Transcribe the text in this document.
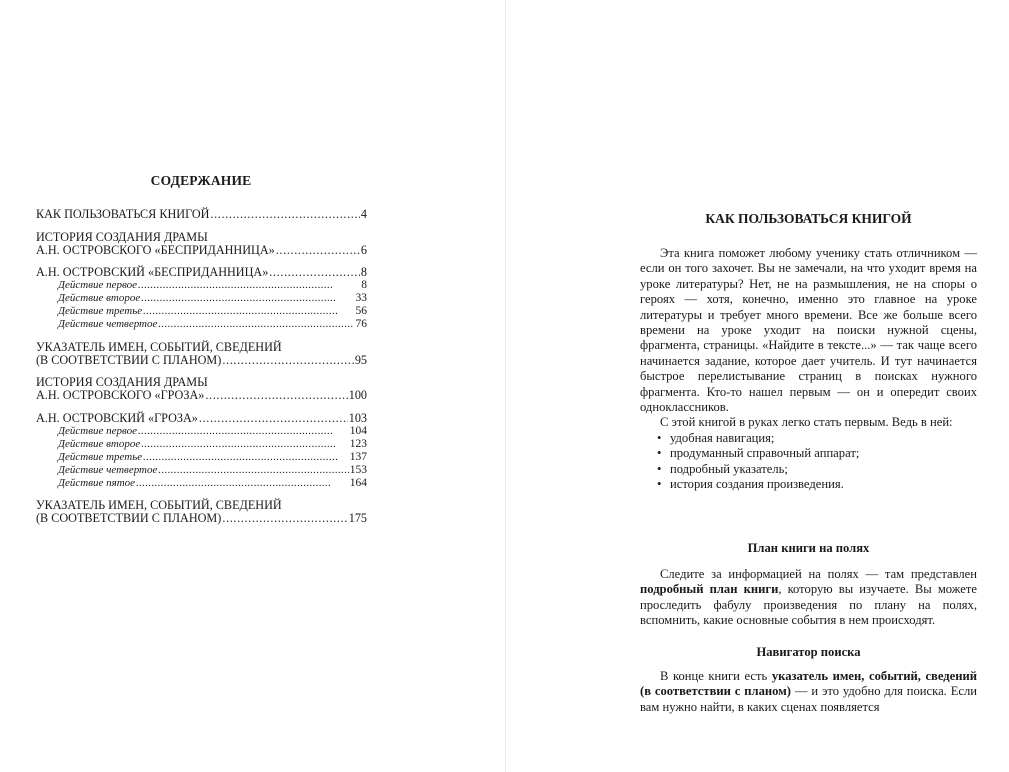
СОДЕРЖАНИЕ
КАК ПОЛЬЗОВАТЬСЯ КНИГОЙ . . .	4
ИСТОРИЯ СОЗДАНИЯ ДРАМЫ
А.Н. ОСТРОВСКОГО «БЕСПРИДАННИЦА» . . .	6
А.Н. ОСТРОВСКИЙ «БЕСПРИДАННИЦА» . . .	8
Действие первое . . .	8
Действие второе . . .	33
Действие третье . . .	56
Действие четвертое . . .	76
УКАЗАТЕЛЬ ИМЕН, СОБЫТИЙ, СВЕДЕНИЙ
(В СООТВЕТСТВИИ С ПЛАНОМ) . . .	95
ИСТОРИЯ СОЗДАНИЯ ДРАМЫ
А.Н. ОСТРОВСКОГО «ГРОЗА» . . .	100
А.Н. ОСТРОВСКИЙ «ГРОЗА» . . .	103
Действие первое . . .	104
Действие второе . . .	123
Действие третье . . .	137
Действие четвертое . . .	153
Действие пятое . . .	164
УКАЗАТЕЛЬ ИМЕН, СОБЫТИЙ, СВЕДЕНИЙ
(В СООТВЕТСТВИИ С ПЛАНОМ) . . .	175
КАК ПОЛЬЗОВАТЬСЯ КНИГОЙ

Эта книга поможет любому ученику стать отличником — если он того захочет. Вы не замечали, на что уходит время на уроке литературы? Нет, не на размышления, не на споры о героях — хотя, конечно, именно это главное на уроке литературы и требует много времени. Все же больше всего времени на уроке уходит на поиски нужной сцены, фрагмента, страницы. «Найдите в тексте...» — так чаще всего начинается задание, которое дает учитель. И тут начинается быстрое перелистывание страниц в поисках нужного фрагмента. Кто-то нашел первым — он и опередит своих одноклассников.

С этой книгой в руках легко стать первым. Ведь в ней:

• удобная навигация;
• продуманный справочный аппарат;
• подробный указатель;
• история создания произведения.
План книги на полях

Следите за информацией на полях — там представлен подробный план книги, которую вы изучаете. Вы можете проследить фабулу произведения по плану на полях, вспомнить, какие основные события в нем происходят.

Навигатор поиска

В конце книги есть указатель имен, событий, сведений (в соответствии с планом) — и это удобно для поиска. Если вам нужно найти, в каких сценах появляется
